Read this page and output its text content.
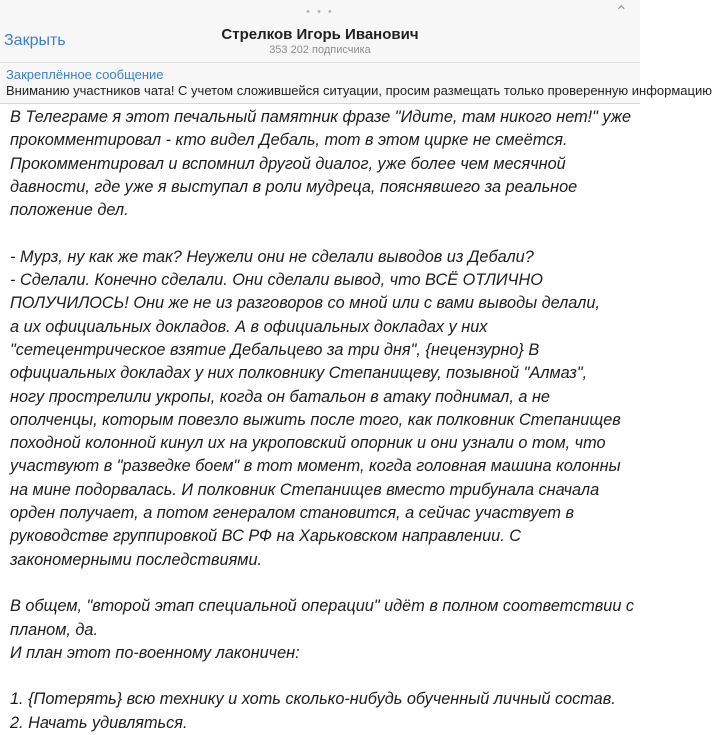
• • •	⌃
Закрыть	Стрелков Игорь Иванович
353 202 подписчика
Закреплённое сообщение
Вниманию участников чата! С учетом сложившейся ситуации, просим размещать только проверенную информацию

В Телеграме я этот печальный памятник фразе "Идите, там никого нет!" уже

прокомментировал - кто видел Дебаль, тот в этом цирке не смеётся.

Прокомментировал и вспомнил другой диалог, уже более чем месячной

давности, где уже я выступал в роли мудреца, пояснявшего за реальное

положение дел.

- Мурз, ну как же так? Неужели они не сделали выводов из Дебали?

- Сделали. Конечно сделали. Они сделали вывод, что ВСЁ ОТЛИЧНО

ПОЛУЧИЛОСЬ! Они же не из разговоров со мной или с вами выводы делали,

а их официальных докладов. А в официальных докладах у них

"сетецентрическое взятие Дебальцево за три дня", {нецензурно} В

официальных докладах у них полковнику Степанищеву, позывной "Алмаз",

ногу прострелили укропы, когда он батальон в атаку поднимал, а не

ополченцы, которым повезло выжить после того, как полковник Степанищев

походной колонной кинул их на укроповский опорник и они узнали о том, что

участвуют в "разведке боем" в тот момент, когда головная машина колонны

на мине подорвалась. И полковник Степанищев вместо трибунала сначала

орден получает, а потом генералом становится, а сейчас участвует в

руководстве группировкой ВС РФ на Харьковском направлении. С

закономерными последствиями.

В общем, "второй этап специальной операции" идёт в полном соответствии с

планом, да.

И план этот по-военному лаконичен:

1. {Потерять} всю технику и хоть сколько-нибудь обученный личный состав.

2. Начать удивляться.
